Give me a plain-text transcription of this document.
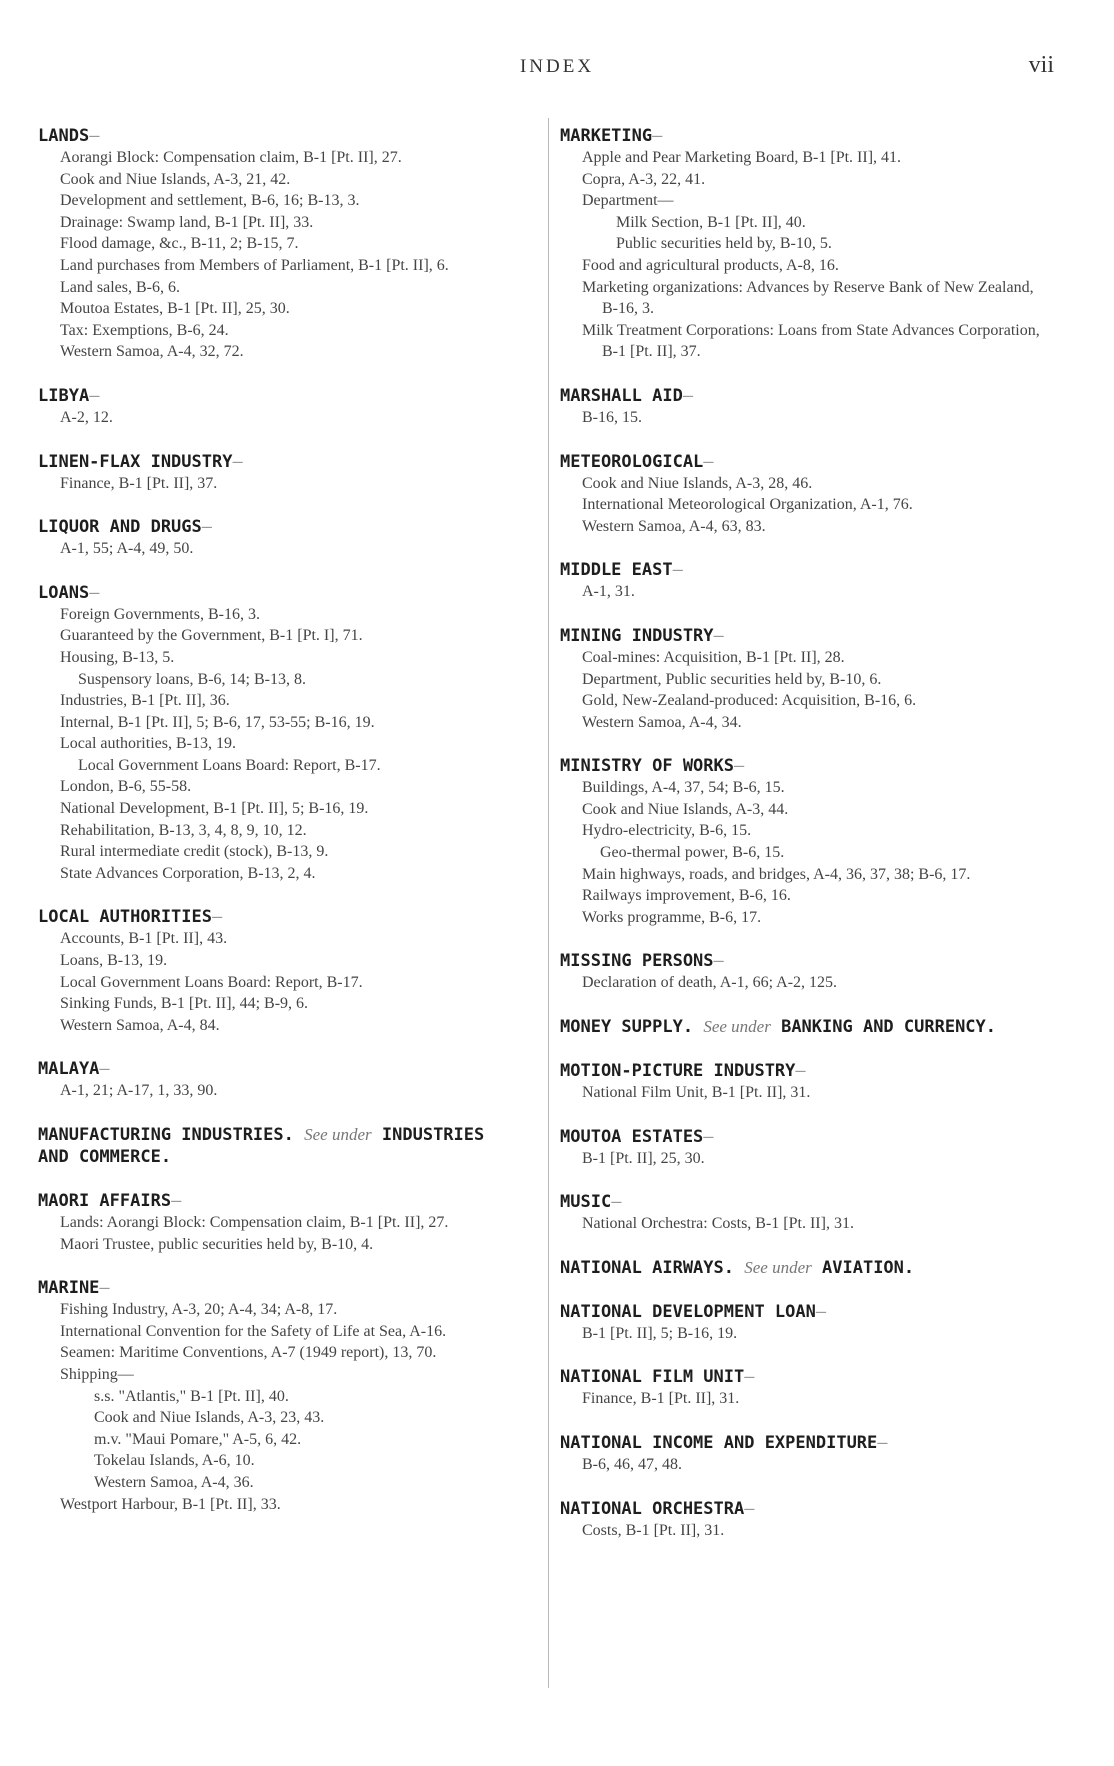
INDEX	vii
LANDS—
Aorangi Block: Compensation claim, B-1 [Pt. II], 27.
Cook and Niue Islands, A-3, 21, 42.
Development and settlement, B-6, 16; B-13, 3.
Drainage: Swamp land, B-1 [Pt. II], 33.
Flood damage, &c., B-11, 2; B-15, 7.
Land purchases from Members of Parliament, B-1 [Pt. II], 6.
Land sales, B-6, 6.
Moutoa Estates, B-1 [Pt. II], 25, 30.
Tax: Exemptions, B-6, 24.
Western Samoa, A-4, 32, 72.
LIBYA—
A-2, 12.
LINEN-FLAX INDUSTRY—
Finance, B-1 [Pt. II], 37.
LIQUOR AND DRUGS—
A-1, 55; A-4, 49, 50.
LOANS—
Foreign Governments, B-16, 3.
Guaranteed by the Government, B-1 [Pt. I], 71.
Housing, B-13, 5.
Suspensory loans, B-6, 14; B-13, 8.
Industries, B-1 [Pt. II], 36.
Internal, B-1 [Pt. II], 5; B-6, 17, 53-55; B-16, 19.
Local authorities, B-13, 19.
Local Government Loans Board: Report, B-17.
London, B-6, 55-58.
National Development, B-1 [Pt. II], 5; B-16, 19.
Rehabilitation, B-13, 3, 4, 8, 9, 10, 12.
Rural intermediate credit (stock), B-13, 9.
State Advances Corporation, B-13, 2, 4.
LOCAL AUTHORITIES—
Accounts, B-1 [Pt. II], 43.
Loans, B-13, 19.
Local Government Loans Board: Report, B-17.
Sinking Funds, B-1 [Pt. II], 44; B-9, 6.
Western Samoa, A-4, 84.
MALAYA—
A-1, 21; A-17, 1, 33, 90.
MANUFACTURING INDUSTRIES. See under INDUSTRIES AND COMMERCE.
MAORI AFFAIRS—
Lands: Aorangi Block: Compensation claim, B-1 [Pt. II], 27.
Maori Trustee, public securities held by, B-10, 4.
MARINE—
Fishing Industry, A-3, 20; A-4, 34; A-8, 17.
International Convention for the Safety of Life at Sea, A-16.
Seamen: Maritime Conventions, A-7 (1949 report), 13, 70.
Shipping—
s.s. "Atlantis," B-1 [Pt. II], 40.
Cook and Niue Islands, A-3, 23, 43.
m.v. "Maui Pomare," A-5, 6, 42.
Tokelau Islands, A-6, 10.
Western Samoa, A-4, 36.
Westport Harbour, B-1 [Pt. II], 33.
MARKETING—
Apple and Pear Marketing Board, B-1 [Pt. II], 41.
Copra, A-3, 22, 41.
Department—
Milk Section, B-1 [Pt. II], 40.
Public securities held by, B-10, 5.
Food and agricultural products, A-8, 16.
Marketing organizations: Advances by Reserve Bank of New Zealand, B-16, 3.
Milk Treatment Corporations: Loans from State Advances Corporation, B-1 [Pt. II], 37.
MARSHALL AID—
B-16, 15.
METEOROLOGICAL—
Cook and Niue Islands, A-3, 28, 46.
International Meteorological Organization, A-1, 76.
Western Samoa, A-4, 63, 83.
MIDDLE EAST—
A-1, 31.
MINING INDUSTRY—
Coal-mines: Acquisition, B-1 [Pt. II], 28.
Department, Public securities held by, B-10, 6.
Gold, New-Zealand-produced: Acquisition, B-16, 6.
Western Samoa, A-4, 34.
MINISTRY OF WORKS—
Buildings, A-4, 37, 54; B-6, 15.
Cook and Niue Islands, A-3, 44.
Hydro-electricity, B-6, 15.
Geo-thermal power, B-6, 15.
Main highways, roads, and bridges, A-4, 36, 37, 38; B-6, 17.
Railways improvement, B-6, 16.
Works programme, B-6, 17.
MISSING PERSONS—
Declaration of death, A-1, 66; A-2, 125.
MONEY SUPPLY. See under BANKING AND CURRENCY.
MOTION-PICTURE INDUSTRY—
National Film Unit, B-1 [Pt. II], 31.
MOUTOA ESTATES—
B-1 [Pt. II], 25, 30.
MUSIC—
National Orchestra: Costs, B-1 [Pt. II], 31.
NATIONAL AIRWAYS. See under AVIATION.
NATIONAL DEVELOPMENT LOAN—
B-1 [Pt. II], 5; B-16, 19.
NATIONAL FILM UNIT—
Finance, B-1 [Pt. II], 31.
NATIONAL INCOME AND EXPENDITURE—
B-6, 46, 47, 48.
NATIONAL ORCHESTRA—
Costs, B-1 [Pt. II], 31.
